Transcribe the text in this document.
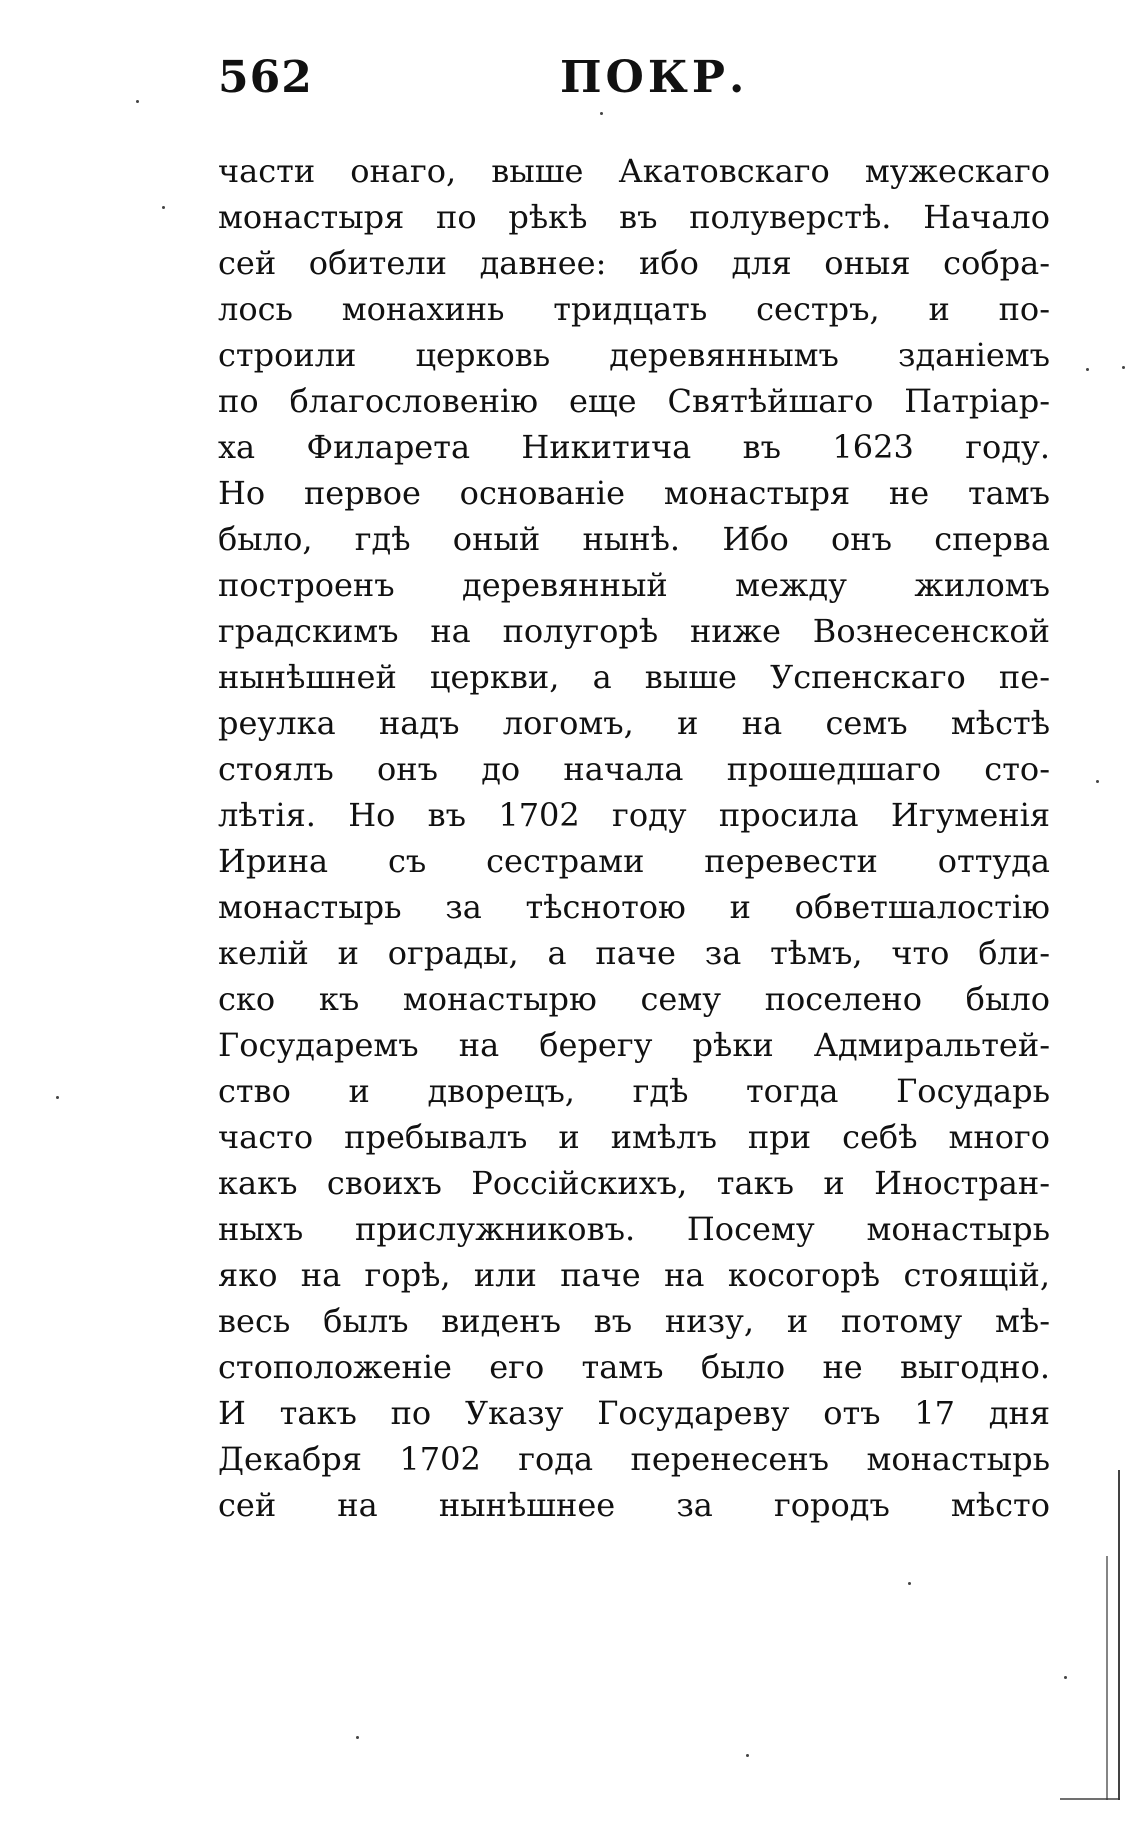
562	ПОКР.
части онаго, выше Акатовскаго мужескаго
монастыря по рѣкѣ въ полуверстѣ. Начало
сей обители давнее: ибо для оныя собра-
лось монахинь тридцать сестръ, и по-
строили церковь деревяннымъ зданіемъ
по благословенію еще Святѣйшаго Патріар-
ха Филарета Никитича въ 1623 году.
Но первое основаніе монастыря не тамъ
было, гдѣ оный нынѣ. Ибо онъ сперва
построенъ деревянный между жиломъ
градскимъ на полугорѣ ниже Вознесенской
нынѣшней церкви, а выше Успенскаго пе-
реулка надъ логомъ, и на семъ мѣстѣ
стоялъ онъ до начала прошедшаго сто-
лѣтія. Но въ 1702 году просила Игуменія
Ирина съ сестрами перевести оттуда
монастырь за тѣснотою и обветшалостію
келій и ограды, а паче за тѣмъ, что бли-
ско къ монастырю сему поселено было
Государемъ на берегу рѣки Адмиральтей-
ство и дворецъ, гдѣ тогда Государь
часто пребывалъ и имѣлъ при себѣ много
какъ своихъ Россійскихъ, такъ и Иностран-
ныхъ прислужниковъ. Посему монастырь
яко на горѣ, или паче на косогорѣ стоящій,
весь былъ виденъ въ низу, и потому мѣ-
стоположеніе его тамъ было не выгодно.
И такъ по Указу Государеву отъ 17 дня
Декабря 1702 года перенесенъ монастырь
сей на нынѣшнее за городъ мѣсто
